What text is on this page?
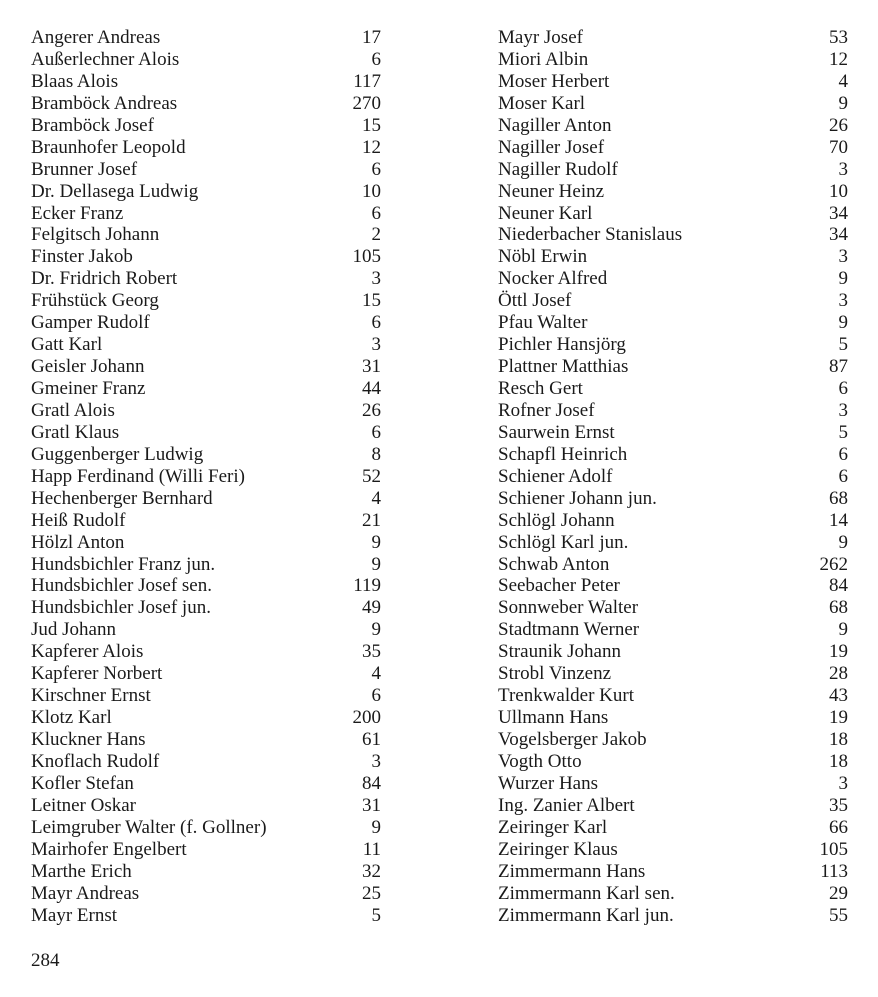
Angerer Andreas	17
Außerlechner Alois	6
Blaas Alois	117
Bramböck Andreas	270
Bramböck Josef	15
Braunhofer Leopold	12
Brunner Josef	6
Dr. Dellasega Ludwig	10
Ecker Franz	6
Felgitsch Johann	2
Finster Jakob	105
Dr. Fridrich Robert	3
Frühstück Georg	15
Gamper Rudolf	6
Gatt Karl	3
Geisler Johann	31
Gmeiner Franz	44
Gratl Alois	26
Gratl Klaus	6
Guggenberger Ludwig	8
Happ Ferdinand (Willi Feri)	52
Hechenberger Bernhard	4
Heiß Rudolf	21
Hölzl Anton	9
Hundsbichler Franz jun.	9
Hundsbichler Josef sen.	119
Hundsbichler Josef jun.	49
Jud Johann	9
Kapferer Alois	35
Kapferer Norbert	4
Kirschner Ernst	6
Klotz Karl	200
Kluckner Hans	61
Knoflach Rudolf	3
Kofler Stefan	84
Leitner Oskar	31
Leimgruber Walter (f. Gollner)	9
Mairhofer Engelbert	11
Marthe Erich	32
Mayr Andreas	25
Mayr Ernst	5
Mayr Josef	53
Miori Albin	12
Moser Herbert	4
Moser Karl	9
Nagiller Anton	26
Nagiller Josef	70
Nagiller Rudolf	3
Neuner Heinz	10
Neuner Karl	34
Niederbacher Stanislaus	34
Nöbl Erwin	3
Nocker Alfred	9
Öttl Josef	3
Pfau Walter	9
Pichler Hansjörg	5
Plattner Matthias	87
Resch Gert	6
Rofner Josef	3
Saurwein Ernst	5
Schapfl Heinrich	6
Schiener Adolf	6
Schiener Johann jun.	68
Schlögl Johann	14
Schlögl Karl jun.	9
Schwab Anton	262
Seebacher Peter	84
Sonnweber Walter	68
Stadtmann Werner	9
Straunik Johann	19
Strobl Vinzenz	28
Trenkwalder Kurt	43
Ullmann Hans	19
Vogelsberger Jakob	18
Vogth Otto	18
Wurzer Hans	3
Ing. Zanier Albert	35
Zeiringer Karl	66
Zeiringer Klaus	105
Zimmermann Hans	113
Zimmermann Karl sen.	29
Zimmermann Karl jun.	55
284
